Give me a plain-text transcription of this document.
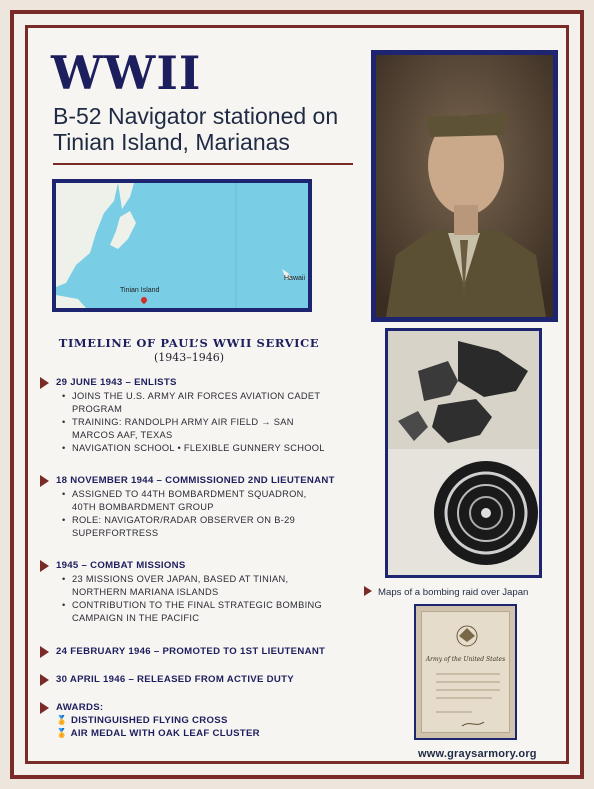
WWII
B-52 Navigator stationed on Tinian Island, Marianas
Tinian Island
Hawaii
TIMELINE OF PAUL’S WWII SERVICE
(1943–1946)
29 JUNE 1943 – ENLISTS
• JOINS THE U.S. ARMY AIR FORCES AVIATION CADET
PROGRAM
• TRAINING: RANDOLPH ARMY AIR FIELD → SAN
MARCOS AAF, TEXAS
• NAVIGATION SCHOOL • FLEXIBLE GUNNERY SCHOOL
18 NOVEMBER 1944 – COMMISSIONED 2ND LIEUTENANT
• ASSIGNED TO 44TH BOMBARDMENT SQUADRON,
40TH BOMBARDMENT GROUP
• ROLE: NAVIGATOR/RADAR OBSERVER ON B-29
SUPERFORTRESS
1945 – COMBAT MISSIONS
• 23 MISSIONS OVER JAPAN, BASED AT TINIAN,
NORTHERN MARIANA ISLANDS
• CONTRIBUTION TO THE FINAL STRATEGIC BOMBING
CAMPAIGN IN THE PACIFIC
24 FEBRUARY 1946 – PROMOTED TO 1ST LIEUTENANT
30 APRIL 1946 – RELEASED FROM ACTIVE DUTY
AWARDS:
🏅 DISTINGUISHED FLYING CROSS
🏅 AIR MEDAL WITH OAK LEAF CLUSTER
Maps of a bombing raid over Japan
Army of the United States
www.graysarmory.org
